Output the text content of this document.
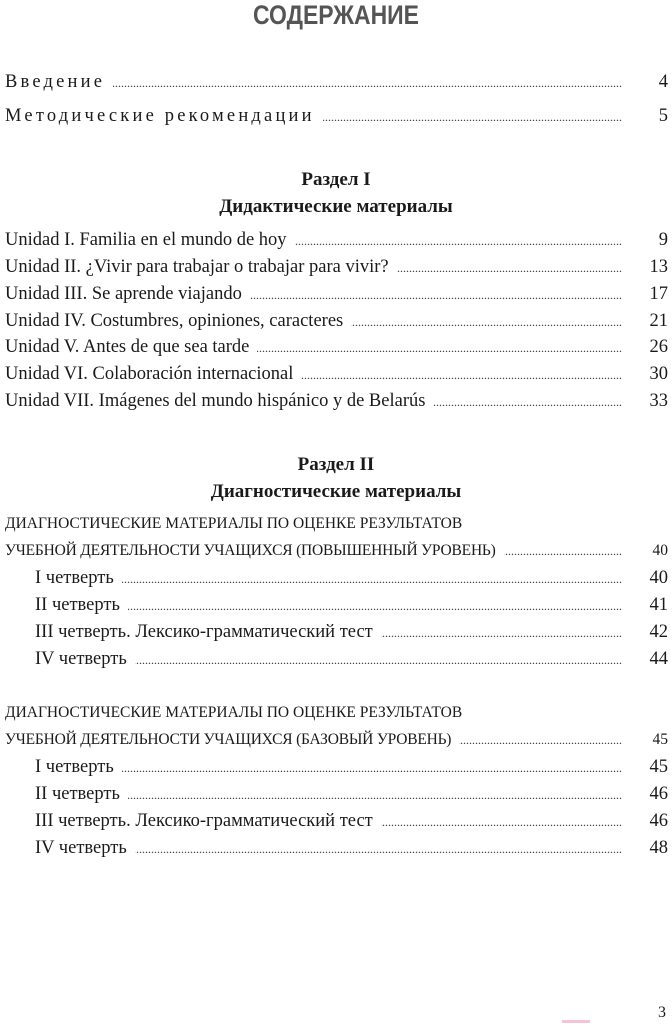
СОДЕРЖАНИЕ
Введение .....	4
Методические рекомендации .....	5
Раздел I
Дидактические материалы
Unidad I. Familia en el mundo de hoy .....	9
Unidad II. ¿Vivir para trabajar o trabajar para vivir? .....	13
Unidad III. Se aprende viajando .....	17
Unidad IV. Costumbres, opiniones, caracteres .....	21
Unidad V. Antes de que sea tarde .....	26
Unidad VI. Colaboración internacional .....	30
Unidad VII. Imágenes del mundo hispánico y de Belarús .....	33
Раздел II
Диагностические материалы
ДИАГНОСТИЧЕСКИЕ МАТЕРИАЛЫ ПО ОЦЕНКЕ РЕЗУЛЬТАТОВ
УЧЕБНОЙ ДЕЯТЕЛЬНОСТИ УЧАЩИХСЯ (ПОВЫШЕННЫЙ УРОВЕНЬ) .....	40
I четверть .....	40
II четверть .....	41
III четверть. Лексико-грамматический тест .....	42
IV четверть .....	44
ДИАГНОСТИЧЕСКИЕ МАТЕРИАЛЫ ПО ОЦЕНКЕ РЕЗУЛЬТАТОВ
УЧЕБНОЙ ДЕЯТЕЛЬНОСТИ УЧАЩИХСЯ (БАЗОВЫЙ УРОВЕНЬ) .....	45
I четверть .....	45
II четверть .....	46
III четверть. Лексико-грамматический тест .....	46
IV четверть .....	48
3
